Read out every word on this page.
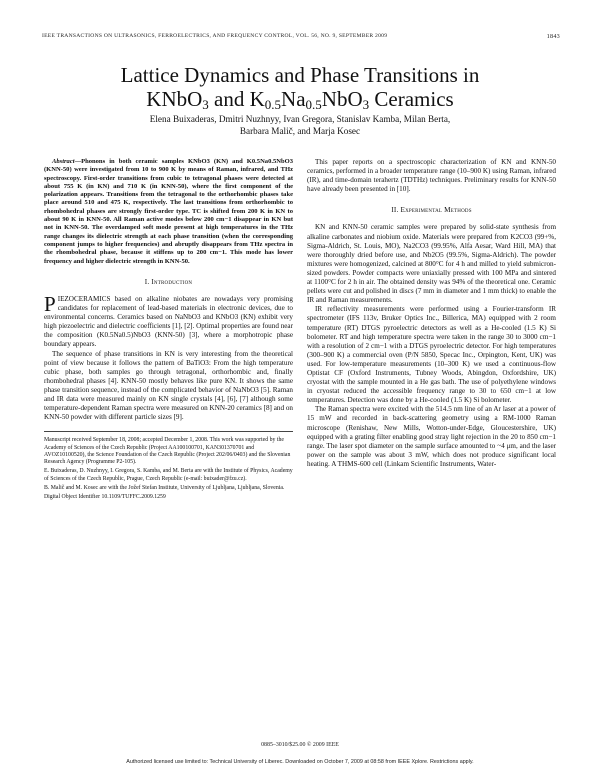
IEEE TRANSACTIONS ON ULTRASONICS, FERROELECTRICS, AND FREQUENCY CONTROL, VOL. 56, NO. 9, SEPTEMBER 2009	1843
Lattice Dynamics and Phase Transitions in
KNbO$_3$ and $K_{0.5}Na_{0.5}NbO_3$ Ceramics
Elena Buixaderas, Dmitri Nuzhnyy, Ivan Gregora, Stanislav Kamba, Milan Berta,
Barbara Malič, and Marja Kosec

Abstract—Phonons in both ceramic samples KNbO3 (KN) and K0.5Na0.5NbO3 (KNN-50) were investigated from 10 to 900 K by means of Raman, infrared, and THz spectroscopy. First-order transitions from cubic to tetragonal phases were detected at about 755 K (in KN) and 710 K (in KNN-50), where the first component of the polarization appears. Transitions from the tetragonal to the orthorhombic phases take place around 510 and 475 K, respectively. The last transitions from orthorhombic to rhombohedral phases are strongly first-order type. TC is shifted from 200 K in KN to about 90 K in KNN-50. All Raman active modes below 200 cm−1 disappear in KN but not in KNN-50. The overdamped soft mode present at high temperatures in the THz range changes its dielectric strength at each phase transition (when the corresponding component jumps to higher frequencies) and abruptly disappears from THz spectra in the rhombohedral phase, because it stiffens up to 200 cm−1. This mode has lower frequency and higher dielectric strength in KNN-50.

I. Introduction

PIEZOCERAMICS based on alkaline niobates are nowadays very promising candidates for replacement of lead-based materials in electronic devices, due to environmental concerns. Ceramics based on NaNbO3 and KNbO3 (KN) exhibit very high piezoelectric and dielectric coefficients [1], [2]. Optimal properties are found near the composition (K0.5Na0.5)NbO3 (KNN-50) [3], where a morphotropic phase boundary appears.

The sequence of phase transitions in KN is very interesting from the theoretical point of view because it follows the pattern of BaTiO3: From the high temperature cubic phase, both samples go through tetragonal, orthorhombic and, finally rhombohedral phases [4]. KNN-50 mostly behaves like pure KN. It shows the same phase transition sequence, instead of the complicated behavior of NaNbO3 [5]. Raman and IR data were measured mainly on KN single crystals [4], [6], [7] although some temperature-dependent Raman spectra were measured on KNN-20 ceramics [8] and on KNN-50 powder with different particle sizes [9].

Manuscript received September 18, 2008; accepted December 1, 2008. This work was supported by the Academy of Sciences of the Czech Republic (Project AA100100701, KAN301370701 and AVOZ10100520), the Science Foundation of the Czech Republic (Project 202/06/0403) and the Slovenian Research Agency (Programme P2-105).

E. Buixaderas, D. Nuzhnyy, I. Gregora, S. Kamba, and M. Berta are with the Institute of Physics, Academy of Sciences of the Czech Republic, Prague, Czech Republic (e-mail: buixader@fzu.cz).

B. Malič and M. Kosec are with the Jožef Stefan Institute, University of Ljubljana, Ljubljana, Slovenia.

Digital Object Identifier 10.1109/TUFFC.2009.1259

This paper reports on a spectroscopic characterization of KN and KNN-50 ceramics, performed in a broader temperature range (10–900 K) using Raman, infrared (IR), and time-domain terahertz (TDTHz) techniques. Preliminary results for KNN-50 have already been presented in [10].

II. Experimental Methods

KN and KNN-50 ceramic samples were prepared by solid-state synthesis from alkaline carbonates and niobium oxide. Materials were prepared from K2CO3 (99+%, Sigma-Aldrich, St. Louis, MO), Na2CO3 (99.95%, Alfa Aesar, Ward Hill, MA) that were thoroughly dried before use, and Nb2O5 (99.5%, Sigma-Aldrich). The powder mixtures were homogenized, calcined at 800°C for 4 h and milled to yield submicron-sized powders. Powder compacts were uniaxially pressed with 100 MPa and sintered at 1100°C for 2 h in air. The obtained density was 94% of the theoretical one. Ceramic pellets were cut and polished in discs (7 mm in diameter and 1 mm thick) to enable the IR and Raman measurements.

IR reflectivity measurements were performed using a Fourier-transform IR spectrometer (IFS 113v, Bruker Optics Inc., Billerica, MA) equipped with 2 room temperature (RT) DTGS pyroelectric detectors as well as a He-cooled (1.5 K) Si bolometer. RT and high temperature spectra were taken in the range 30 to 3000 cm−1 with a resolution of 2 cm−1 with a DTGS pyroelectric detector. For high temperatures (300–900 K) a commercial oven (P/N 5850, Specac Inc., Orpington, Kent, UK) was used. For low-temperature measurements (10–300 K) we used a continuous-flow Optistat CF (Oxford Instruments, Tubney Woods, Abingdon, Oxfordshire, UK) cryostat with the sample mounted in a He gas bath. The use of polyethylene windows in cryostat reduced the accessible frequency range to 30 to 650 cm−1 at low temperatures. Detection was done by a He-cooled (1.5 K) Si bolometer.

The Raman spectra were excited with the 514.5 nm line of an Ar laser at a power of 15 mW and recorded in back-scattering geometry using a RM-1000 Raman microscope (Renishaw, New Mills, Wotton-under-Edge, Gloucestershire, UK) equipped with a grating filter enabling good stray light rejection in the 20 to 850 cm−1 range. The laser spot diameter on the sample surface amounted to ~4 μm, and the laser power on the sample was about 3 mW, which does not produce significant local heating. A THMS-600 cell (Linkam Scientific Instruments, Water-

0885–3010/$25.00 © 2009 IEEE
Authorized licensed use limited to: Technical University of Liberec. Downloaded on October 7, 2009 at 08:58 from IEEE Xplore. Restrictions apply.
